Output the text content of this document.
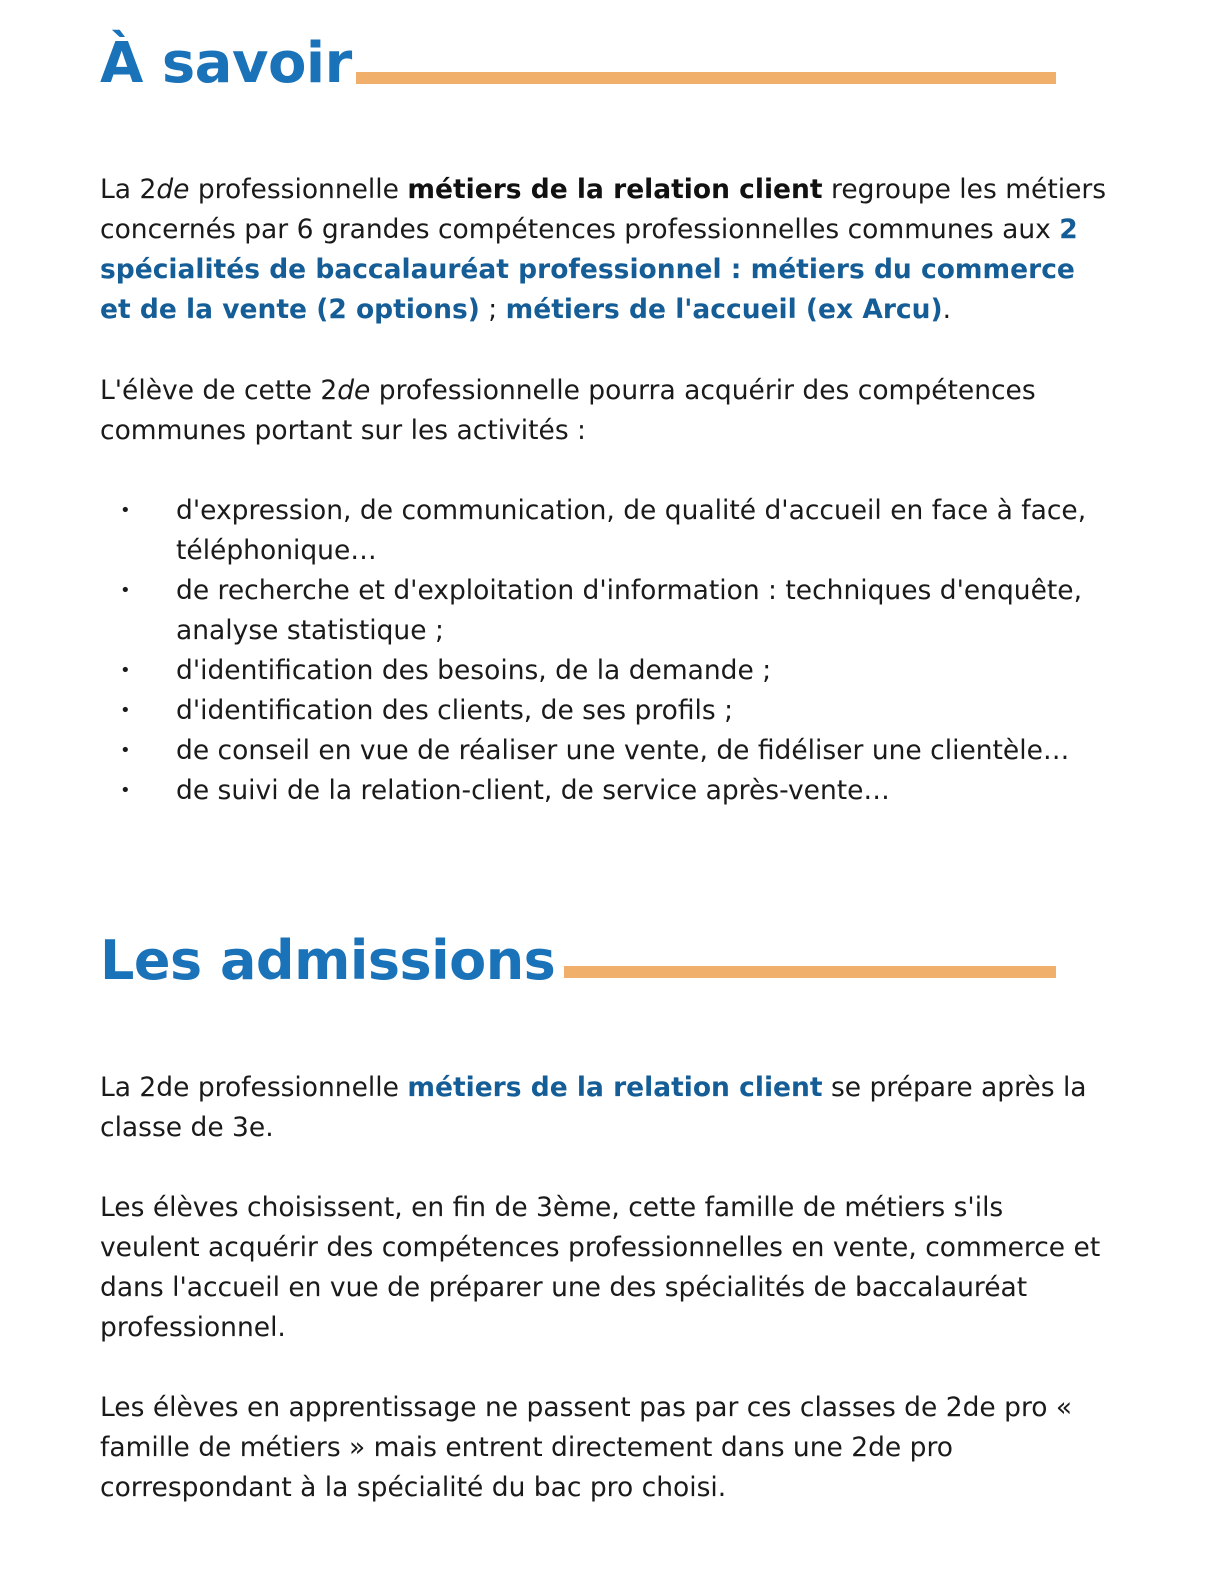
À savoir

La 2de professionnelle métiers de la relation client regroupe les métiers concernés par 6 grandes compétences professionnelles communes aux 2 spécialités de baccalauréat professionnel : métiers du commerce et de la vente (2 options) ; métiers de l'accueil (ex Arcu).

L'élève de cette 2de professionnelle pourra acquérir des compétences communes portant sur les activités :

• d'expression, de communication, de qualité d'accueil en face à face, téléphonique…
• de recherche et d'exploitation d'information : techniques d'enquête, analyse statistique ;
• d'identification des besoins, de la demande ;
• d'identification des clients, de ses profils ;
• de conseil en vue de réaliser une vente, de fidéliser une clientèle…
• de suivi de la relation-client, de service après-vente…
Les admissions

La 2de professionnelle métiers de la relation client se prépare après la classe de 3e.

Les élèves choisissent, en fin de 3ème, cette famille de métiers s'ils veulent acquérir des compétences professionnelles en vente, commerce et dans l'accueil en vue de préparer une des spécialités de baccalauréat professionnel.

Les élèves en apprentissage ne passent pas par ces classes de 2de pro « famille de métiers » mais entrent directement dans une 2de pro correspondant à la spécialité du bac pro choisi.
